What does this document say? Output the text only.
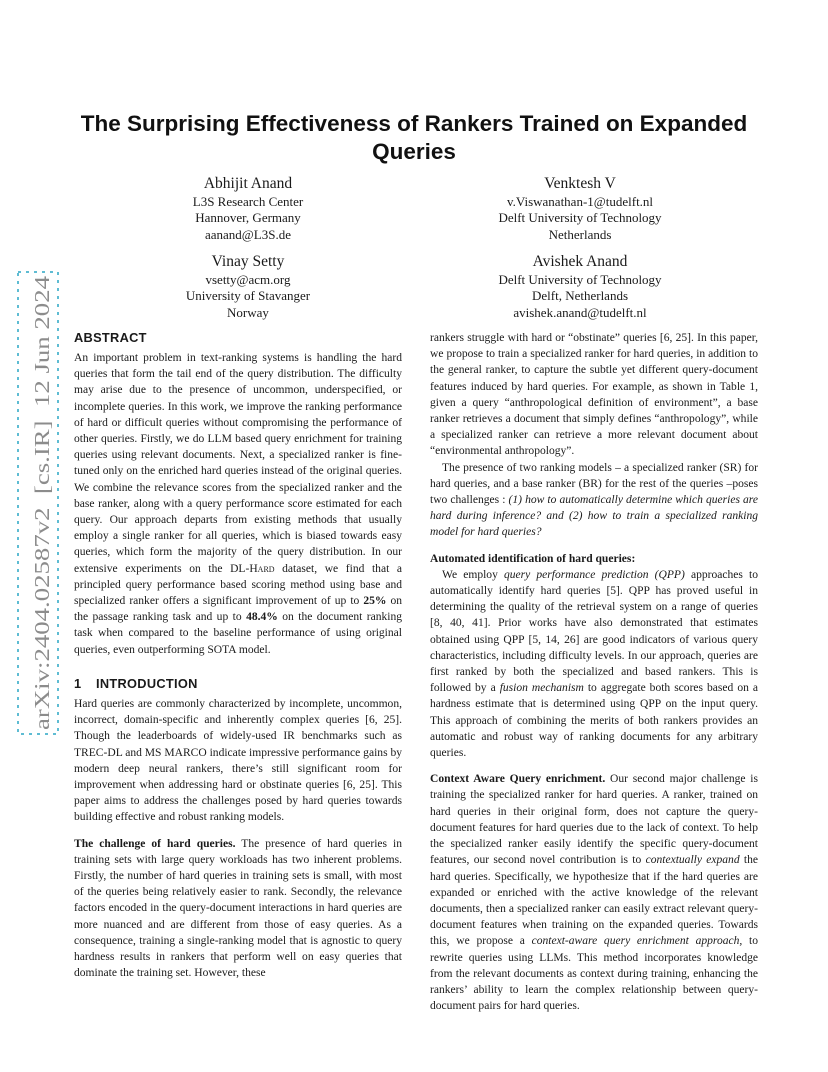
arXiv:2404.02587v2  [cs.IR]  12 Jun 2024
The Surprising Effectiveness of Rankers Trained on Expanded Queries
Abhijit Anand
L3S Research Center
Hannover, Germany
aanand@L3S.de
Venktesh V
v.Viswanathan-1@tudelft.nl
Delft University of Technology
Netherlands
Vinay Setty
vsetty@acm.org
University of Stavanger
Norway
Avishek Anand
Delft University of Technology
Delft, Netherlands
avishek.anand@tudelft.nl
ABSTRACT

An important problem in text-ranking systems is handling the hard queries that form the tail end of the query distribution. The difficulty may arise due to the presence of uncommon, underspecified, or incomplete queries. In this work, we improve the ranking performance of hard or difficult queries without compromising the performance of other queries. Firstly, we do LLM based query enrichment for training queries using relevant documents. Next, a specialized ranker is fine-tuned only on the enriched hard queries instead of the original queries. We combine the relevance scores from the specialized ranker and the base ranker, along with a query performance score estimated for each query. Our approach departs from existing methods that usually employ a single ranker for all queries, which is biased towards easy queries, which form the majority of the query distribution. In our extensive experiments on the DL-Hard dataset, we find that a principled query performance based scoring method using base and specialized ranker offers a significant improvement of up to 25% on the passage ranking task and up to 48.4% on the document ranking task when compared to the baseline performance of using original queries, even outperforming SOTA model.

1 INTRODUCTION

Hard queries are commonly characterized by incomplete, uncommon, incorrect, domain-specific and inherently complex queries [6, 25]. Though the leaderboards of widely-used IR benchmarks such as TREC-DL and MS MARCO indicate impressive performance gains by modern deep neural rankers, there’s still significant room for improvement when addressing hard or obstinate queries [6, 25]. This paper aims to address the challenges posed by hard queries towards building effective and robust ranking models.

The challenge of hard queries. The presence of hard queries in training sets with large query workloads has two inherent problems. Firstly, the number of hard queries in training sets is small, with most of the queries being relatively easier to rank. Secondly, the relevance factors encoded in the query-document interactions in hard queries are more nuanced and are different from those of easy queries. As a consequence, training a single-ranking model that is agnostic to query hardness results in rankers that perform well on easy queries that dominate the training set. However, these

rankers struggle with hard or “obstinate” queries [6, 25]. In this paper, we propose to train a specialized ranker for hard queries, in addition to the general ranker, to capture the subtle yet different query-document features induced by hard queries. For example, as shown in Table 1, given a query “anthropological definition of environment”, a base ranker retrieves a document that simply defines “anthropology”, while a specialized ranker can retrieve a more relevant document about “environmental anthropology”.

The presence of two ranking models – a specialized ranker (SR) for hard queries, and a base ranker (BR) for the rest of the queries –poses two challenges : (1) how to automatically determine which queries are hard during inference? and (2) how to train a specialized ranking model for hard queries?

Automated identification of hard queries:

We employ query performance prediction (QPP) approaches to automatically identify hard queries [5]. QPP has proved useful in determining the quality of the retrieval system on a range of queries [8, 40, 41]. Prior works have also demonstrated that estimates obtained using QPP [5, 14, 26] are good indicators of various query characteristics, including difficulty levels. In our approach, queries are first ranked by both the specialized and based rankers. This is followed by a fusion mechanism to aggregate both scores based on a hardness estimate that is determined using QPP on the input query. This approach of combining the merits of both rankers provides an automatic and robust way of ranking documents for any arbitrary queries.

Context Aware Query enrichment. Our second major challenge is training the specialized ranker for hard queries. A ranker, trained on hard queries in their original form, does not capture the query-document features for hard queries due to the lack of context. To help the specialized ranker easily identify the specific query-document features, our second novel contribution is to contextually expand the hard queries. Specifically, we hypothesize that if the hard queries are expanded or enriched with the active knowledge of the relevant documents, then a specialized ranker can easily extract relevant query-document features when training on the expanded queries. Towards this, we propose a context-aware query enrichment approach, to rewrite queries using LLMs. This method incorporates knowledge from the relevant documents as context during training, enhancing the rankers’ ability to learn the complex relationship between query-document pairs for hard queries.
